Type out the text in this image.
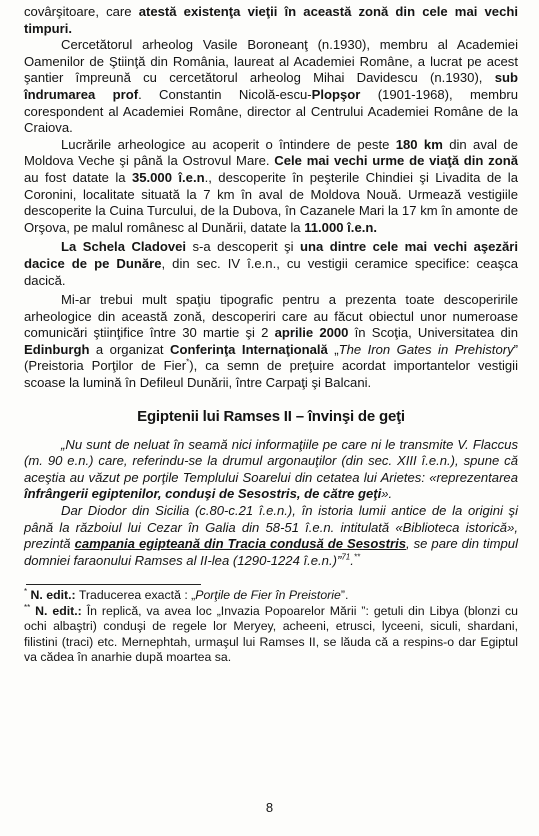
covârşitoare, care atestă existenţa vieţii în această zonă din cele mai vechi timpuri.

Cercetătorul arheolog Vasile Boroneanţ (n.1930), membru al Academiei Oamenilor de Ştiinţă din România, laureat al Academiei Române, a lucrat pe acest şantier împreună cu cercetătorul arheolog Mihai Davidescu (n.1930), sub îndrumarea prof. Constantin Nicolă-escu-Plopşor (1901-1968), membru corespondent al Academiei Române, director al Centrului Academiei Române de la Craiova.

Lucrările arheologice au acoperit o întindere de peste 180 km din aval de Moldova Veche şi până la Ostrovul Mare. Cele mai vechi urme de viaţă din zonă au fost datate la 35.000 î.e.n., descoperite în peşterile Chindiei şi Livadita de la Coronini, localitate situată la 7 km în aval de Moldova Nouă. Urmează vestigiile descoperite la Cuina Turcului, de la Dubova, în Cazanele Mari la 17 km în amonte de Orşova, pe malul românesc al Dunării, datate la 11.000 î.e.n.

La Schela Cladovei s-a descoperit şi una dintre cele mai vechi aşezări dacice de pe Dunăre, din sec. IV î.e.n., cu vestigii ceramice specifice: ceaşca dacică.

Mi-ar trebui mult spaţiu tipografic pentru a prezenta toate descoperirile arheologice din această zonă, descoperiri care au făcut obiectul unor numeroase comunicări ştiinţifice între 30 martie şi 2 aprilie 2000 în Scoţia, Universitatea din Edinburgh a organizat Conferinţa Internaţională „The Iron Gates in Prehistory” (Preistoria Porţilor de Fier*), ca semn de preţuire acordat importantelor vestigii scoase la lumină în Defileul Dunării, între Carpaţi şi Balcani.

Egiptenii lui Ramses II – învinşi de geţi

„Nu sunt de neluat în seamă nici informaţiile pe care ni le transmite V. Flaccus (m. 90 e.n.) care, referindu-se la drumul argonauţilor (din sec. XIII î.e.n.), spune că aceştia au văzut pe porţile Templului Soarelui din cetatea lui Arietes: «reprezentarea înfrângerii egiptenilor, conduşi de Sesostris, de către geţi».

Dar Diodor din Sicilia (c.80-c.21 î.e.n.), în istoria lumii antice de la origini şi până la războiul lui Cezar în Galia din 58-51 î.e.n. intitulată «Biblioteca istorică», prezintă campania egipteană din Tracia condusă de Sesostris, se pare din timpul domniei faraonului Ramses al II-lea (1290-1224 î.e.n.)”$^{71}$.**

* N. edit.: Traducerea exactă : „Porţile de Fier în Preistorie”.

** N. edit.: În replică, va avea loc „Invazia Popoarelor Mării ”: getuli din Libya (blonzi cu ochi albaştri) conduşi de regele lor Meryey, acheeni, etrusci, lyceeni, siculi, shardani, filistini (traci) etc. Mernephtah, urmaşul lui Ramses II, se lăuda că a respins-o dar Egiptul va cădea în anarhie după moartea sa.

8
